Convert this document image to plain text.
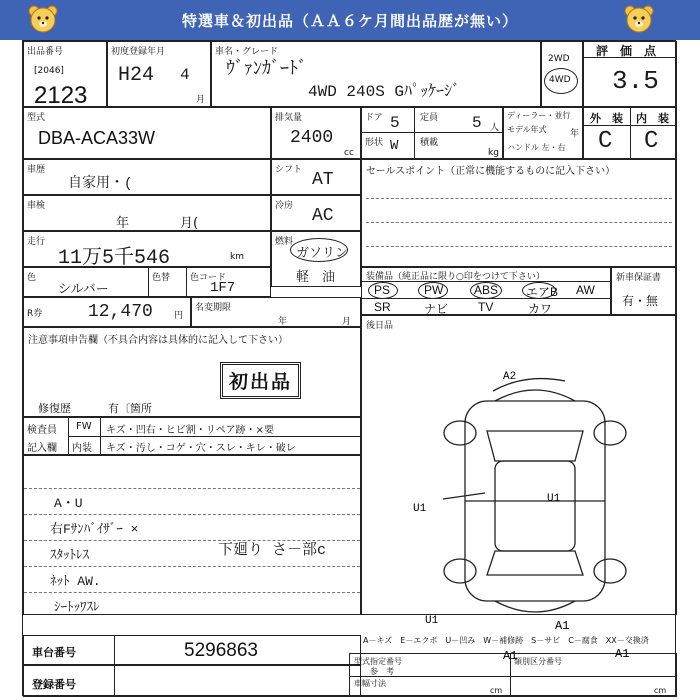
特選車＆初出品（ＡＡ６ケ月間出品歴が無い）
出品番号
[2046]
2123
初度登録年月
H24 4
月
車名・グレード
ｳﾞｧﾝｶﾞｰﾄﾞ
4WD 240S Gﾊﾟｯｹｰｼﾞ
2WD
4WD
評　価　点
3.5
型式
DBA-ACA33W
排気量
2400
cc
ドア 5 定員 5 人
形状 W 積載
kg
ディーラー・並行
モデル年式	年
ハンドル 左・右
外　装 内　装
C C
車歴
自家用・(
シフト AT
車検
年	月(
冷房 AC
走行
11万5千546	km
燃料
ガソリン
軽　油
色
シルバー
色替 色コード
1F7
R券	12,470 円
名変期限
年	月
セールスポイント（正常に機能するものに記入下さい）
装備品（純正品に限り○印をつけて下さい）
PS	PW	ABS エアB AW
SR	ナビ TV	カワ
新車保証書
有・無
後日品
注意事項申告欄（不具合内容は具体的に記入して下さい）
初出品
修復歴	有〔箇所
検査員
記入欄
FW キズ・凹右・ヒビ割・リペア跡・×要
内装 キズ・汚し・コゲ・穴・スレ・キレ・破レ
A・U
右Fｻﾝﾊﾞｲｻﾞｰ ×
ｽﾀｯﾄﾚｽ
ﾈｯﾄ AW.
ｼｰﾄｯﾜｽﾚ
下廻り さ－部c
A2
U1
U1
U1	A1
A1	A1
A－キズ　E－エクボ　U－凹み　W－補修跡　S－サビ　C－腐食　XX－交換済
車台番号	5296863
登録番号
型式指定番号	類別区分番号
参　考
車幅寸法
cm	cm
